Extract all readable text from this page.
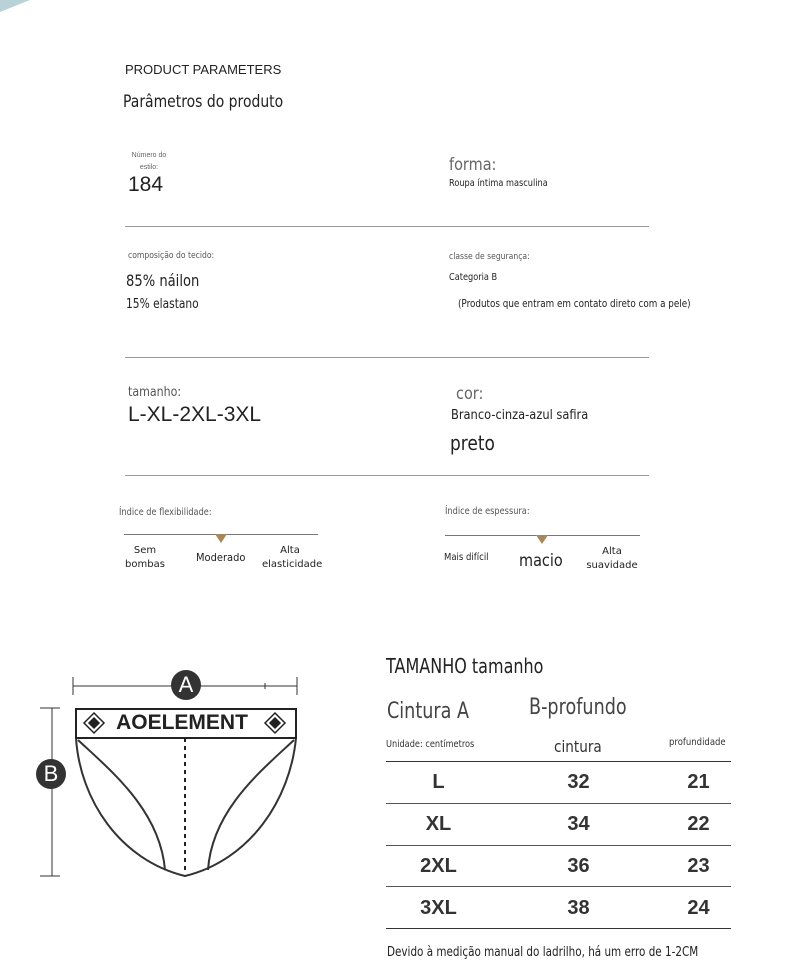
PRODUCT PARAMETERS
Parâmetros do produto
Número do estilo:
184
forma:
Roupa íntima masculina
composição do tecido:
85% náilon
15% elastano
classe de segurança:
Categoria B
(Produtos que entram em contato direto com a pele)
tamanho:
L-XL-2XL-3XL
cor:
Branco-cinza-azul safira
preto
Índice de flexibilidade:
Sem bombas
Moderado
Alta elasticidade
Índice de espessura:
Mais difícil macio	Alta suavidade
A
B
AOELEMENT
TAMANHO tamanho
Cintura A	B-profundo
Unidade: centímetros	cintura	profundidade
L	32	21
XL	34	22
2XL	36	23
3XL	38	24
Devido à medição manual do ladrilho, há um erro de 1-2CM
